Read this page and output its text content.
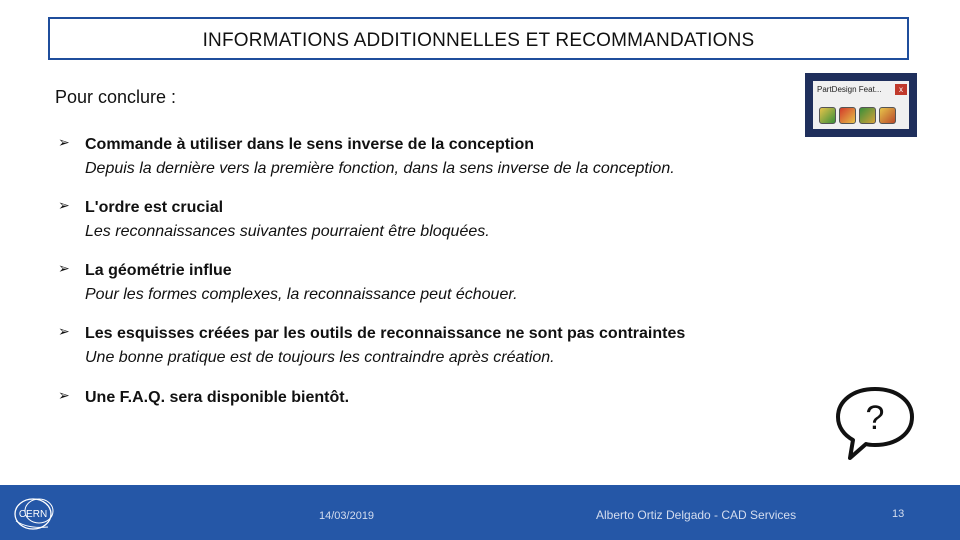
INFORMATIONS ADDITIONNELLES ET RECOMMANDATIONS
Pour conclure :
➢ Commande à utiliser dans le sens inverse de la conception
Depuis la dernière vers la première fonction, dans la sens inverse de la conception.
➢ L'ordre est crucial
Les reconnaissances suivantes pourraient être bloquées.
➢ La géométrie influe
Pour les formes complexes, la reconnaissance peut échouer.
➢ Les esquisses créées par les outils de reconnaissance ne sont pas contraintes
Une bonne pratique est de toujours les contraindre après création.
➢ Une F.A.Q. sera disponible bientôt.
PartDesign Feat...	x
?
CERN	14/03/2019	Alberto Ortiz Delgado - CAD Services	13
